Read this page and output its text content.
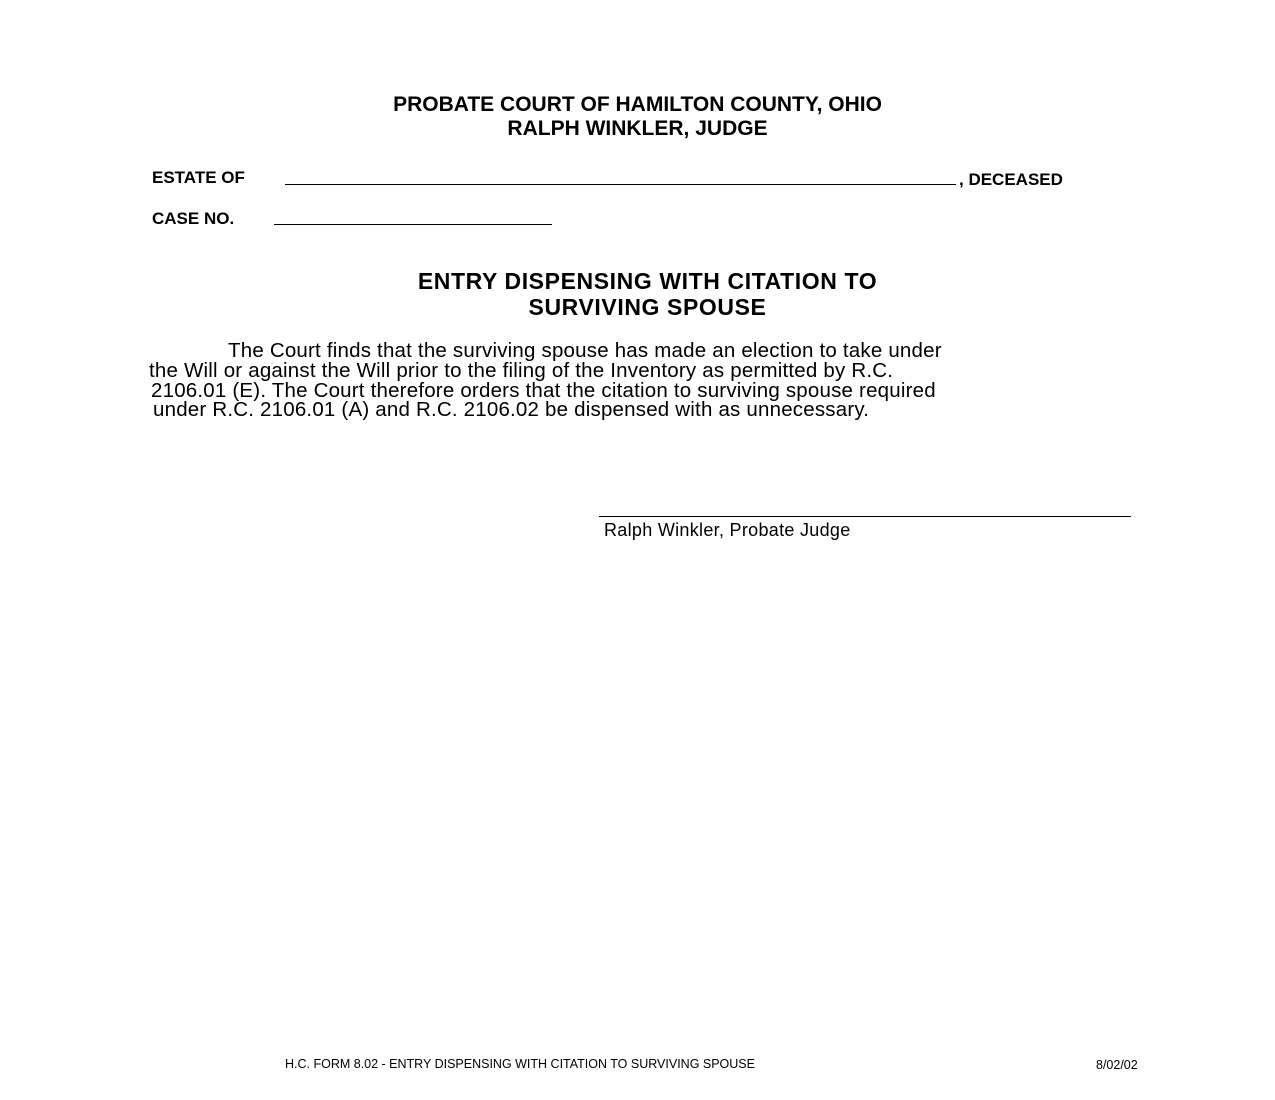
PROBATE COURT OF HAMILTON COUNTY, OHIO
RALPH WINKLER, JUDGE
ESTATE OF	, DECEASED
CASE NO.
ENTRY DISPENSING WITH CITATION TO
SURVIVING SPOUSE
The Court finds that the surviving spouse has made an election to take under
the Will or against the Will prior to the filing of the Inventory as permitted by R.C.
2106.01 (E). The Court therefore orders that the citation to surviving spouse required
under R.C. 2106.01 (A) and R.C. 2106.02 be dispensed with as unnecessary.
Ralph Winkler, Probate Judge
H.C. FORM 8.02 - ENTRY DISPENSING WITH CITATION TO SURVIVING SPOUSE	8/02/02
